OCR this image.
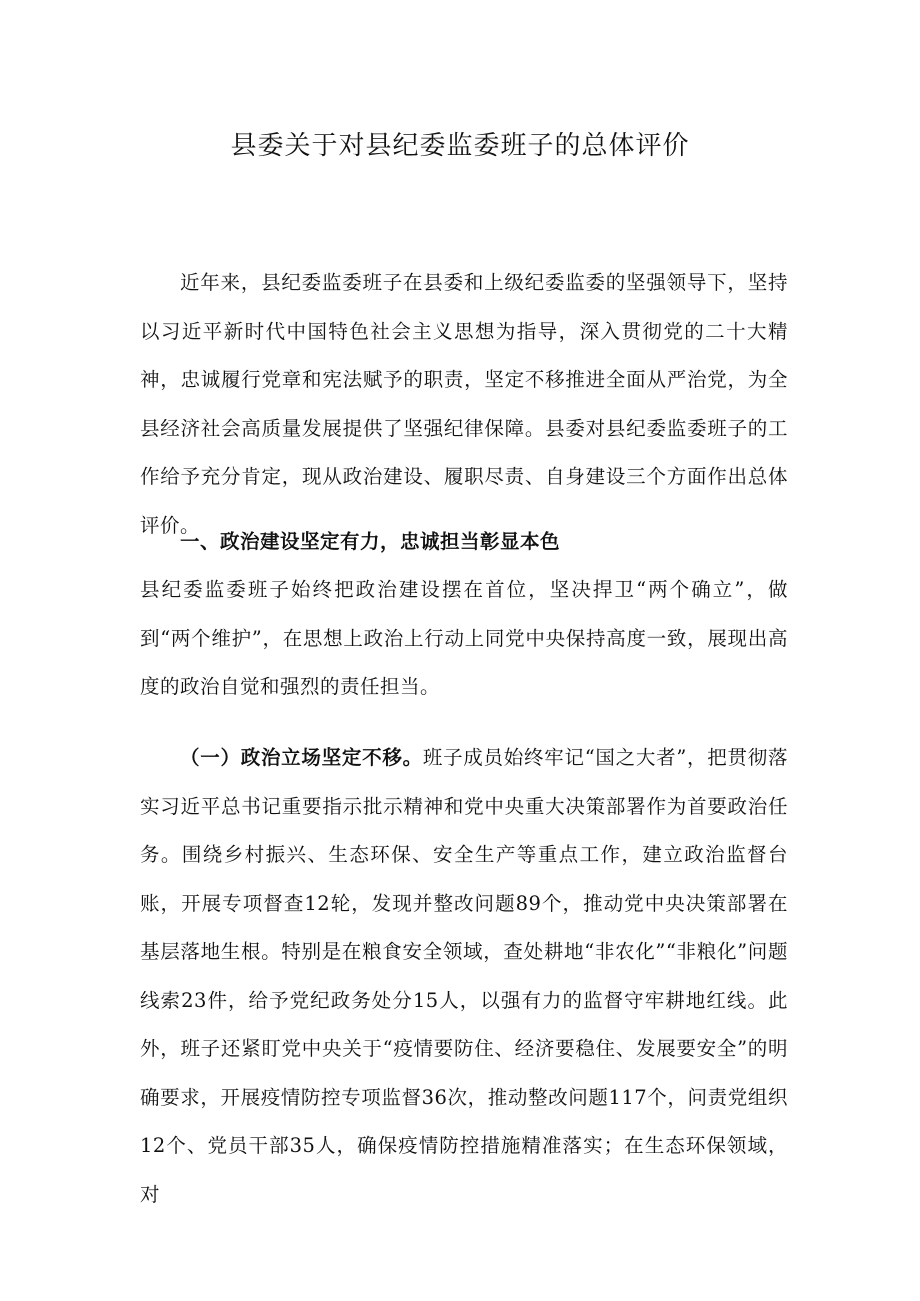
县委关于对县纪委监委班子的总体评价

近年来，县纪委监委班子在县委和上级纪委监委的坚强领导下，坚持以习近平新时代中国特色社会主义思想为指导，深入贯彻党的二十大精神，忠诚履行党章和宪法赋予的职责，坚定不移推进全面从严治党，为全县经济社会高质量发展提供了坚强纪律保障。县委对县纪委监委班子的工作给予充分肯定，现从政治建设、履职尽责、自身建设三个方面作出总体评价。

一、政治建设坚定有力，忠诚担当彰显本色

县纪委监委班子始终把政治建设摆在首位，坚决捍卫“两个确立”，做到“两个维护”，在思想上政治上行动上同党中央保持高度一致，展现出高度的政治自觉和强烈的责任担当。

（一）政治立场坚定不移。班子成员始终牢记“国之大者”，把贯彻落实习近平总书记重要指示批示精神和党中央重大决策部署作为首要政治任务。围绕乡村振兴、生态环保、安全生产等重点工作，建立政治监督台账，开展专项督查12轮，发现并整改问题89个，推动党中央决策部署在基层落地生根。特别是在粮食安全领域，查处耕地“非农化”“非粮化”问题线索23件，给予党纪政务处分15人，以强有力的监督守牢耕地红线。此外，班子还紧盯党中央关于“疫情要防住、经济要稳住、发展要安全”的明确要求，开展疫情防控专项监督36次，推动整改问题117个，问责党组织12个、党员干部35人，确保疫情防控措施精准落实；在生态环保领域，对
